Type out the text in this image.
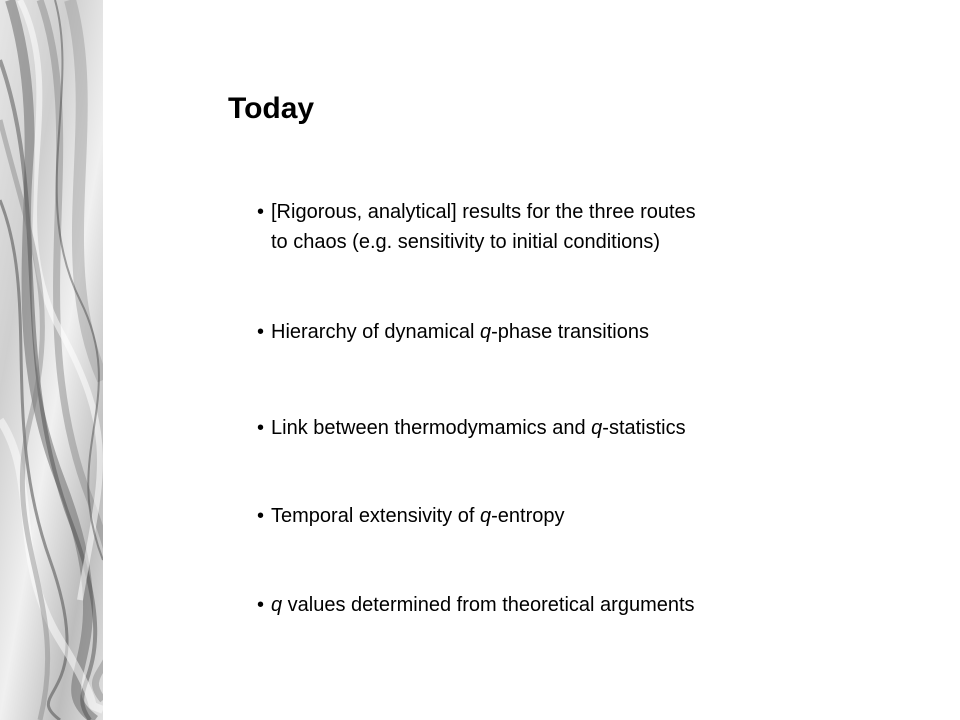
Today
• [Rigorous, analytical] results for the three routes
to chaos (e.g. sensitivity to initial conditions)
• Hierarchy of dynamical q-phase transitions
• Link between thermodymamics and q-statistics
• Temporal extensivity of q-entropy
• q values determined from theoretical arguments
